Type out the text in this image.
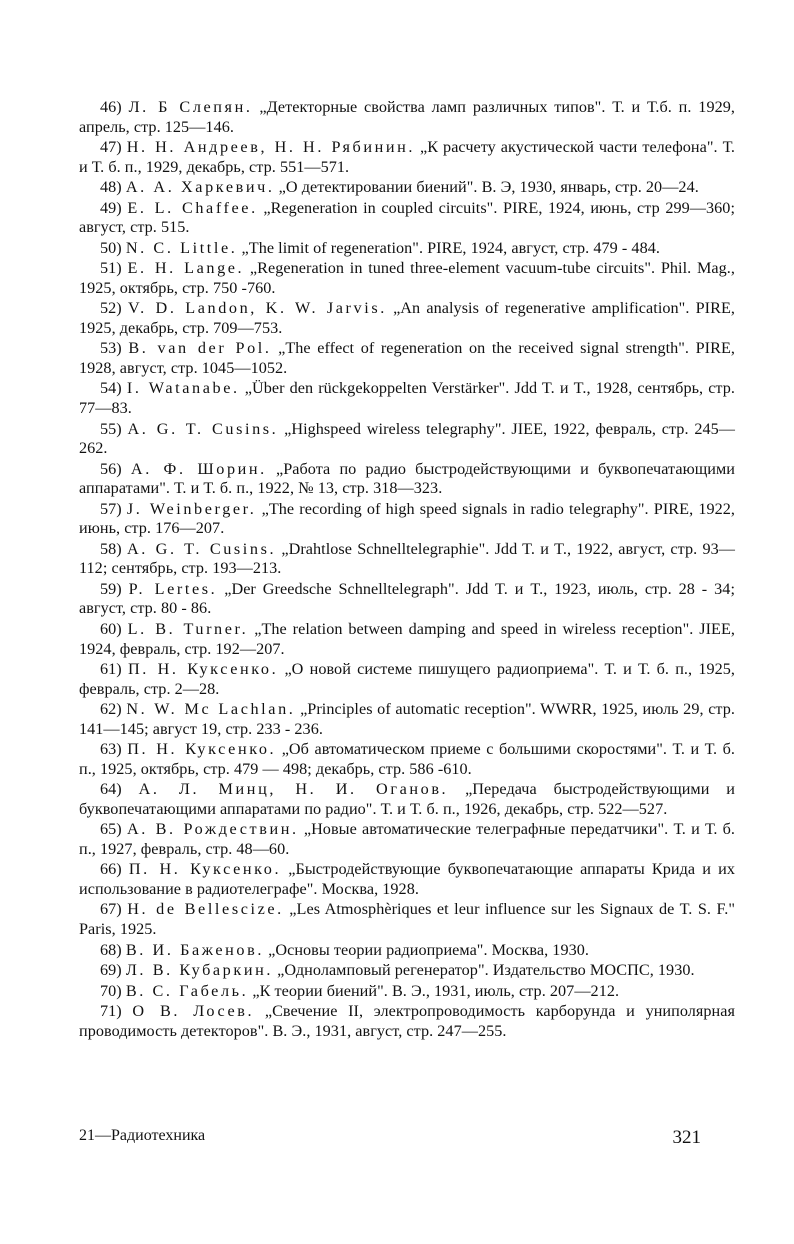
46) Л. Б Слепян. „Детекторные свойства ламп различных типов". Т. и Т.б. п. 1929, апрель, стр. 125—146.

47) Н. Н. Андреев, Н. Н. Рябинин. „К расчету акустической части телефона". Т. и Т. б. п., 1929, декабрь, стр. 551—571.

48) А. А. Харкевич. „О детектировании биений". В. Э, 1930, январь, стр. 20—24.

49) E. L. Chaffee. „Regeneration in coupled circuits". PIRE, 1924, июнь, стр 299—360; август, стр. 515.

50) N. C. Little. „The limit of regeneration". PIRE, 1924, август, стр. 479 - 484.

51) E. H. Lange. „Regeneration in tuned three-element vacuum-tube circuits". Phil. Mag., 1925, октябрь, стр. 750 -760.

52) V. D. Landon, K. W. Jarvis. „An analysis of regenerative amplification". PIRE, 1925, декабрь, стр. 709—753.

53) B. van der Pol. „The effect of regeneration on the received signal strength". PIRE, 1928, август, стр. 1045—1052.

54) I. Watanabe. „Über den rückgekoppelten Verstärker". Jdd T. и T., 1928, сентябрь, стр. 77—83.

55) A. G. T. Cusins. „Highspeed wireless telegraphy". JIEE, 1922, февраль, стр. 245—262.

56) А. Ф. Шорин. „Работа по радио быстродействующими и буквопечатающими аппаратами". Т. и Т. б. п., 1922, № 13, стр. 318—323.

57) J. Weinberger. „The recording of high speed signals in radio telegraphy". PIRE, 1922, июнь, стр. 176—207.

58) A. G. T. Cusins. „Drahtlose Schnelltelegraphie". Jdd T. и T., 1922, август, стр. 93—112; сентябрь, стр. 193—213.

59) P. Lertes. „Der Greedsche Schnelltelegraph". Jdd T. и T., 1923, июль, стр. 28 - 34; август, стр. 80 - 86.

60) L. B. Turner. „The relation between damping and speed in wireless reception". JIEE, 1924, февраль, стр. 192—207.

61) П. Н. Куксенко. „О новой системе пишущего радиоприема". Т. и Т. б. п., 1925, февраль, стр. 2—28.

62) N. W. Mc Lachlan. „Principles of automatic reception". WWRR, 1925, июль 29, стр. 141—145; август 19, стр. 233 - 236.

63) П. Н. Куксенко. „Об автоматическом приеме с большими скоростями". Т. и Т. б. п., 1925, октябрь, стр. 479 — 498; декабрь, стр. 586 -610.

64) А. Л. Минц, Н. И. Оганов. „Передача быстродействующими и буквопечатающими аппаратами по радио". Т. и Т. б. п., 1926, декабрь, стр. 522—527.

65) А. В. Рождествин. „Новые автоматические телеграфные передатчики". Т. и Т. б. п., 1927, февраль, стр. 48—60.

66) П. Н. Куксенко. „Быстродействующие буквопечатающие аппараты Крида и их использование в радиотелеграфе". Москва, 1928.

67) H. de Bellescize. „Les Atmosphèriques et leur influence sur les Signaux de T. S. F." Paris, 1925.

68) В. И. Баженов. „Основы теории радиоприема". Москва, 1930.

69) Л. В. Кубаркин. „Одноламповый регенератор". Издательство МОСПС, 1930.

70) В. С. Габель. „К теории биений". В. Э., 1931, июль, стр. 207—212.

71) О В. Лосев. „Свечение II, электропроводимость карборунда и униполярная проводимость детекторов". В. Э., 1931, август, стр. 247—255.

21—Радиотехника	321
